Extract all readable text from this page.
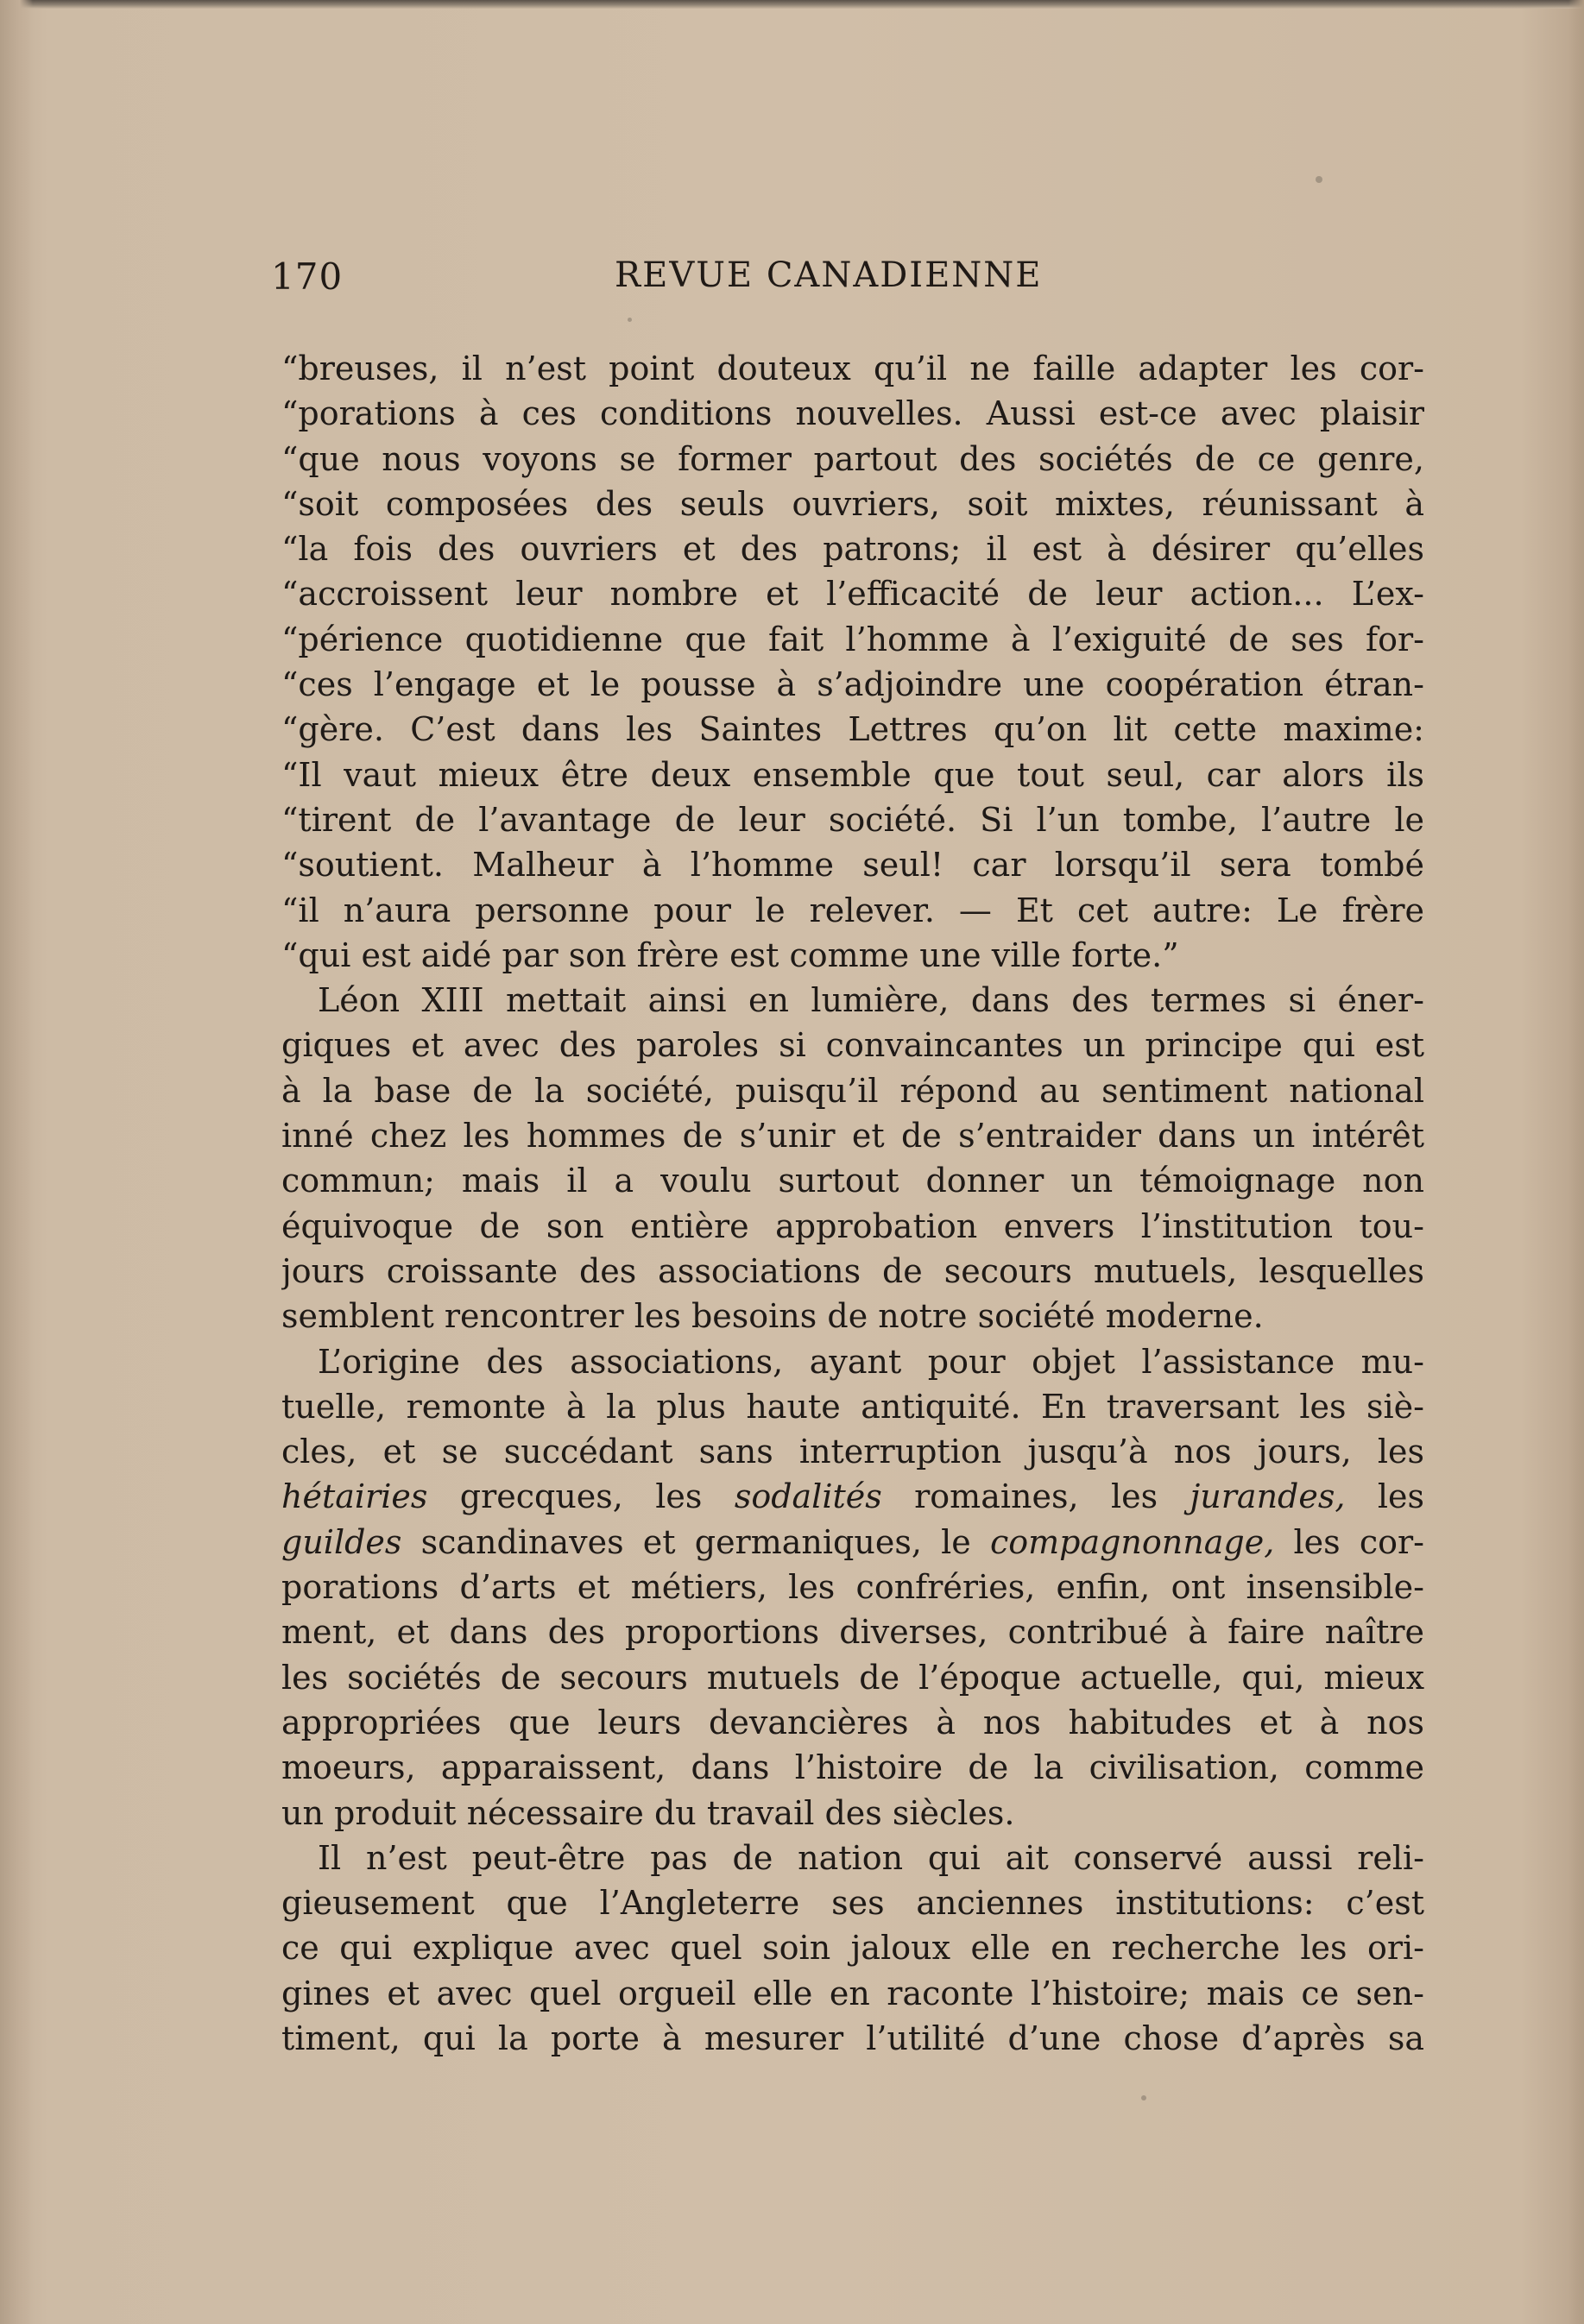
170	REVUE CANADIENNE
“breuses, il n’est point douteux qu’il ne faille adapter les cor-
“porations à ces conditions nouvelles. Aussi est-ce avec plaisir
“que nous voyons se former partout des sociétés de ce genre,
“soit composées des seuls ouvriers, soit mixtes, réunissant à
“la fois des ouvriers et des patrons; il est à désirer qu’elles
“accroissent leur nombre et l’efficacité de leur action... L’ex-
“périence quotidienne que fait l’homme à l’exiguité de ses for-
“ces l’engage et le pousse à s’adjoindre une coopération étran-
“gère. C’est dans les Saintes Lettres qu’on lit cette maxime:
“Il vaut mieux être deux ensemble que tout seul, car alors ils
“tirent de l’avantage de leur société. Si l’un tombe, l’autre le
“soutient. Malheur à l’homme seul! car lorsqu’il sera tombé
“il n’aura personne pour le relever. — Et cet autre: Le frère
“qui est aidé par son frère est comme une ville forte.”
Léon XIII mettait ainsi en lumière, dans des termes si éner-
giques et avec des paroles si convaincantes un principe qui est
à la base de la société, puisqu’il répond au sentiment national
inné chez les hommes de s’unir et de s’entraider dans un intérêt
commun; mais il a voulu surtout donner un témoignage non
équivoque de son entière approbation envers l’institution tou-
jours croissante des associations de secours mutuels, lesquelles
semblent rencontrer les besoins de notre société moderne.
L’origine des associations, ayant pour objet l’assistance mu-
tuelle, remonte à la plus haute antiquité. En traversant les siè-
cles, et se succédant sans interruption jusqu’à nos jours, les
hétairies grecques, les sodalités romaines, les jurandes, les
guildes scandinaves et germaniques, le compagnonnage, les cor-
porations d’arts et métiers, les confréries, enfin, ont insensible-
ment, et dans des proportions diverses, contribué à faire naître
les sociétés de secours mutuels de l’époque actuelle, qui, mieux
appropriées que leurs devancières à nos habitudes et à nos
moeurs, apparaissent, dans l’histoire de la civilisation, comme
un produit nécessaire du travail des siècles.
Il n’est peut-être pas de nation qui ait conservé aussi reli-
gieusement que l’Angleterre ses anciennes institutions: c’est
ce qui explique avec quel soin jaloux elle en recherche les ori-
gines et avec quel orgueil elle en raconte l’histoire; mais ce sen-
timent, qui la porte à mesurer l’utilité d’une chose d’après sa
